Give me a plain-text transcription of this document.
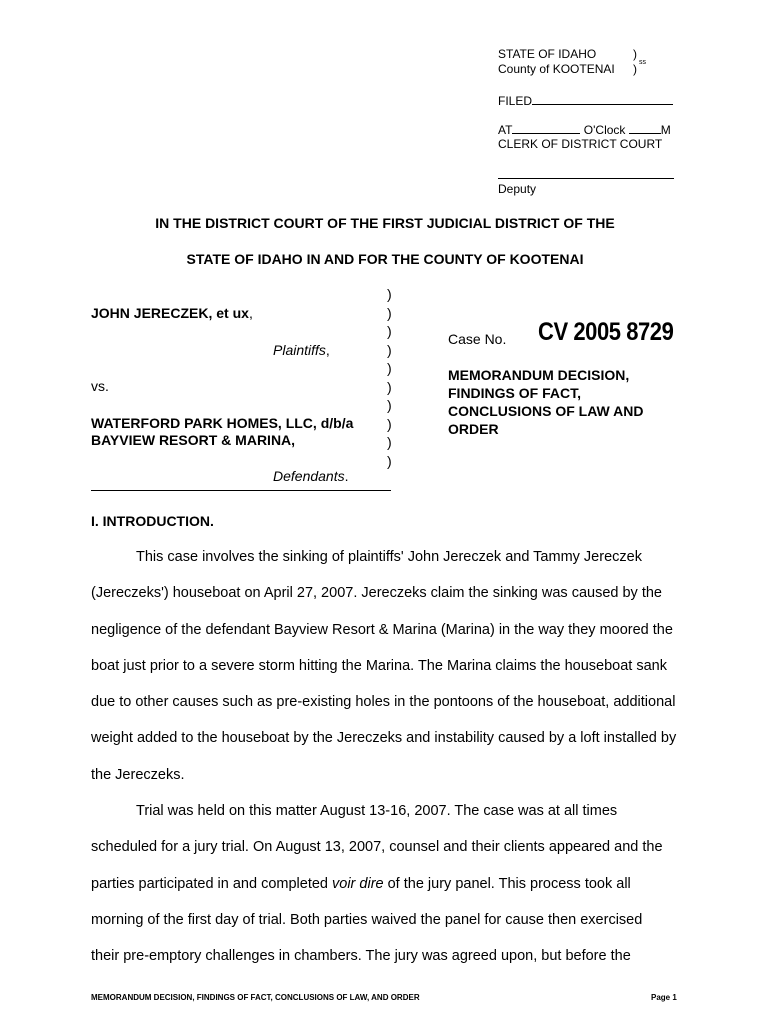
STATE OF IDAHO	)
County of KOOTENAI ) ss
FILED
AT	O'Clock	M
CLERK OF DISTRICT COURT
Deputy
IN THE DISTRICT COURT OF THE FIRST JUDICIAL DISTRICT OF THE
STATE OF IDAHO IN AND FOR THE COUNTY OF KOOTENAI
JOHN JERECZEK, et ux,
Plaintiffs,
vs.
WATERFORD PARK HOMES, LLC, d/b/a
BAYVIEW RESORT & MARINA,
Defendants.
)
)
)
)
)
)
)
)
)
)
Case No. CV 2005 8729
MEMORANDUM DECISION,
FINDINGS OF FACT,
CONCLUSIONS OF LAW AND
ORDER
I. INTRODUCTION.
This case involves the sinking of plaintiffs' John Jereczek and Tammy Jereczek
(Jereczeks') houseboat on April 27, 2007. Jereczeks claim the sinking was caused by the
negligence of the defendant Bayview Resort & Marina (Marina) in the way they moored the
boat just prior to a severe storm hitting the Marina. The Marina claims the houseboat sank
due to other causes such as pre-existing holes in the pontoons of the houseboat, additional
weight added to the houseboat by the Jereczeks and instability caused by a loft installed by
the Jereczeks.
Trial was held on this matter August 13-16, 2007. The case was at all times
scheduled for a jury trial. On August 13, 2007, counsel and their clients appeared and the
parties participated in and completed voir dire of the jury panel. This process took all
morning of the first day of trial. Both parties waived the panel for cause then exercised
their pre-emptory challenges in chambers. The jury was agreed upon, but before the
MEMORANDUM DECISION, FINDINGS OF FACT, CONCLUSIONS OF LAW, AND ORDER	Page 1
